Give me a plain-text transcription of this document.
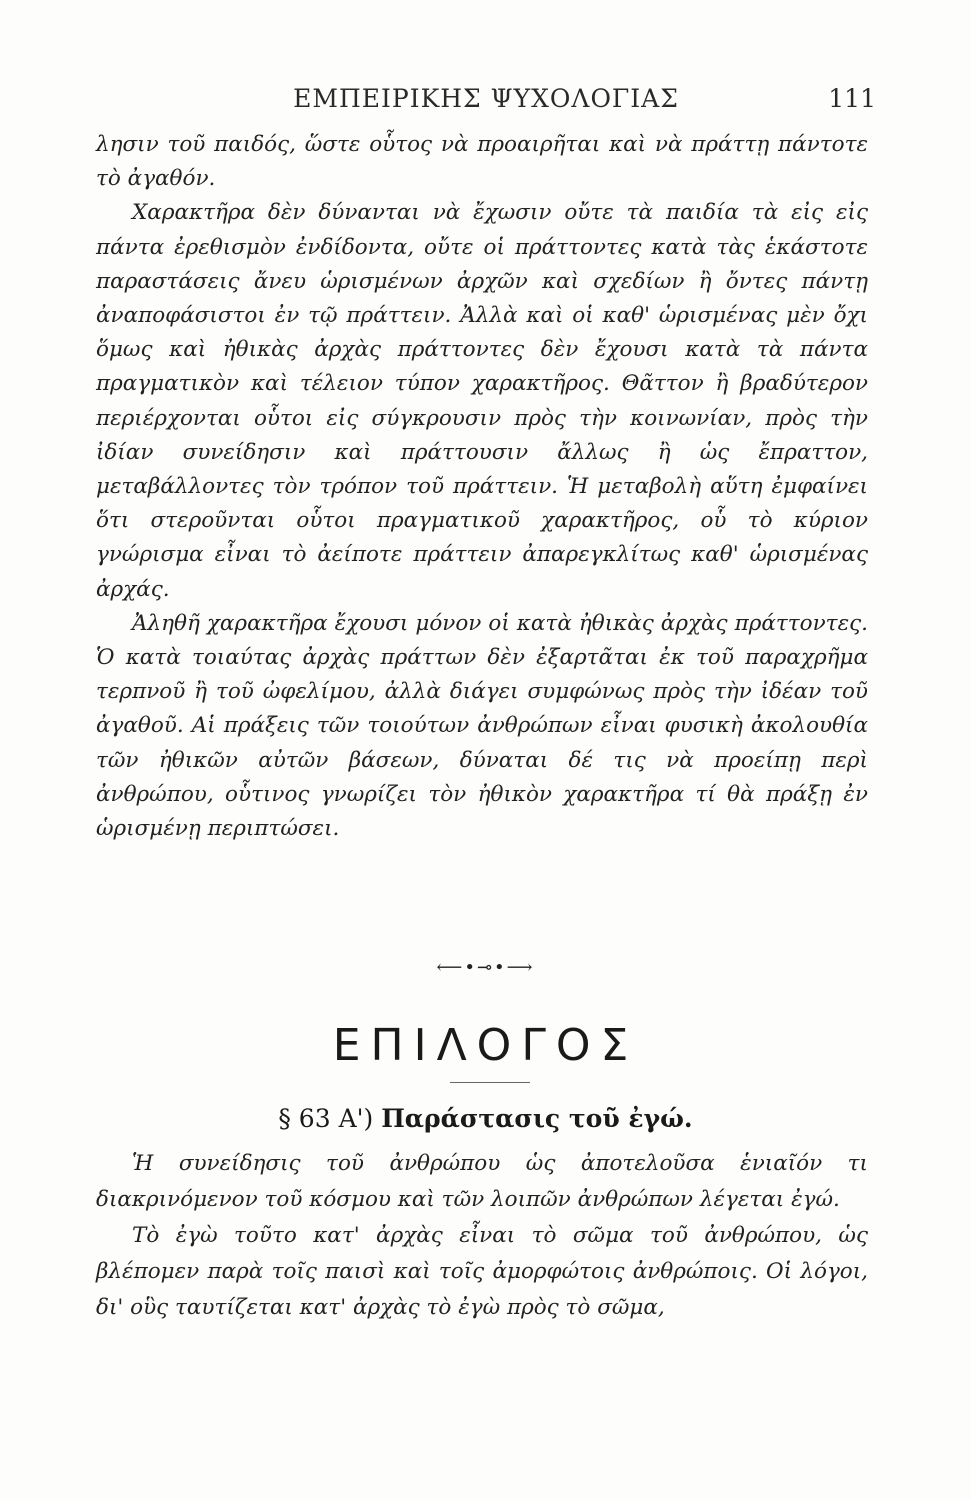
ΕΜΠΕΙΡΙΚΗΣ ΨΥΧΟΛΟΓΙΑΣ	111

λησιν τοῦ παιδός, ὥστε οὗτος νὰ προαιρῆται καὶ νὰ πράττῃ πάντοτε τὸ ἀγαθόν.

Χαρακτῆρα δὲν δύνανται νὰ ἔχωσιν οὔτε τὰ παιδία τὰ εἰς εἰς πάντα ἐρεθισμὸν ἐνδίδοντα, οὔτε οἱ πράττοντες κατὰ τὰς ἑκάστοτε παραστάσεις ἄνευ ὡρισμένων ἀρχῶν καὶ σχεδίων ἢ ὄντες πάντῃ ἀναποφάσιστοι ἐν τῷ πράττειν. Ἀλλὰ καὶ οἱ καθ' ὡρισμένας μὲν ὄχι ὅμως καὶ ἠθικὰς ἀρχὰς πράττοντες δὲν ἔχουσι κατὰ τὰ πάντα πραγματικὸν καὶ τέλειον τύπον χαρακτῆρος. Θᾶττον ἢ βραδύτερον περιέρχονται οὗτοι εἰς σύγκρουσιν πρὸς τὴν κοινωνίαν, πρὸς τὴν ἰδίαν συνείδησιν καὶ πράττουσιν ἄλλως ἢ ὡς ἔπραττον, μεταβάλλοντες τὸν τρόπον τοῦ πράττειν. Ἡ μεταβολὴ αὕτη ἐμφαίνει ὅτι στεροῦνται οὗτοι πραγματικοῦ χαρακτῆρος, οὗ τὸ κύριον γνώρισμα εἶναι τὸ ἀείποτε πράττειν ἀπαρεγκλίτως καθ' ὡρισμένας ἀρχάς.

Ἀληθῆ χαρακτῆρα ἔχουσι μόνον οἱ κατὰ ἠθικὰς ἀρχὰς πράττοντες. Ὁ κατὰ τοιαύτας ἀρχὰς πράττων δὲν ἐξαρτᾶται ἐκ τοῦ παραχρῆμα τερπνοῦ ἢ τοῦ ὠφελίμου, ἀλλὰ διάγει συμφώνως πρὸς τὴν ἰδέαν τοῦ ἀγαθοῦ. Αἱ πράξεις τῶν τοιούτων ἀνθρώπων εἶναι φυσικὴ ἀκολουθία τῶν ἠθικῶν αὐτῶν βάσεων, δύναται δέ τις νὰ προείπῃ περὶ ἀνθρώπου, οὗτινος γνωρίζει τὸν ἠθικὸν χαρακτῆρα τί θὰ πράξῃ ἐν ὡρισμένῃ περιπτώσει.

⟵•⊸•⟶
ΕΠΙΛΟΓΟΣ
§ 63 Α') Παράστασις τοῦ ἐγώ.

Ἡ συνείδησις τοῦ ἀνθρώπου ὡς ἀποτελοῦσα ἑνιαῖόν τι διακρινόμενον τοῦ κόσμου καὶ τῶν λοιπῶν ἀνθρώπων λέγεται ἐγώ.

Τὸ ἐγὼ τοῦτο κατ' ἀρχὰς εἶναι τὸ σῶμα τοῦ ἀνθρώπου, ὡς βλέπομεν παρὰ τοῖς παισὶ καὶ τοῖς ἀμορφώτοις ἀνθρώποις. Οἱ λόγοι, δι' οὓς ταυτίζεται κατ' ἀρχὰς τὸ ἐγὼ πρὸς τὸ σῶμα,
